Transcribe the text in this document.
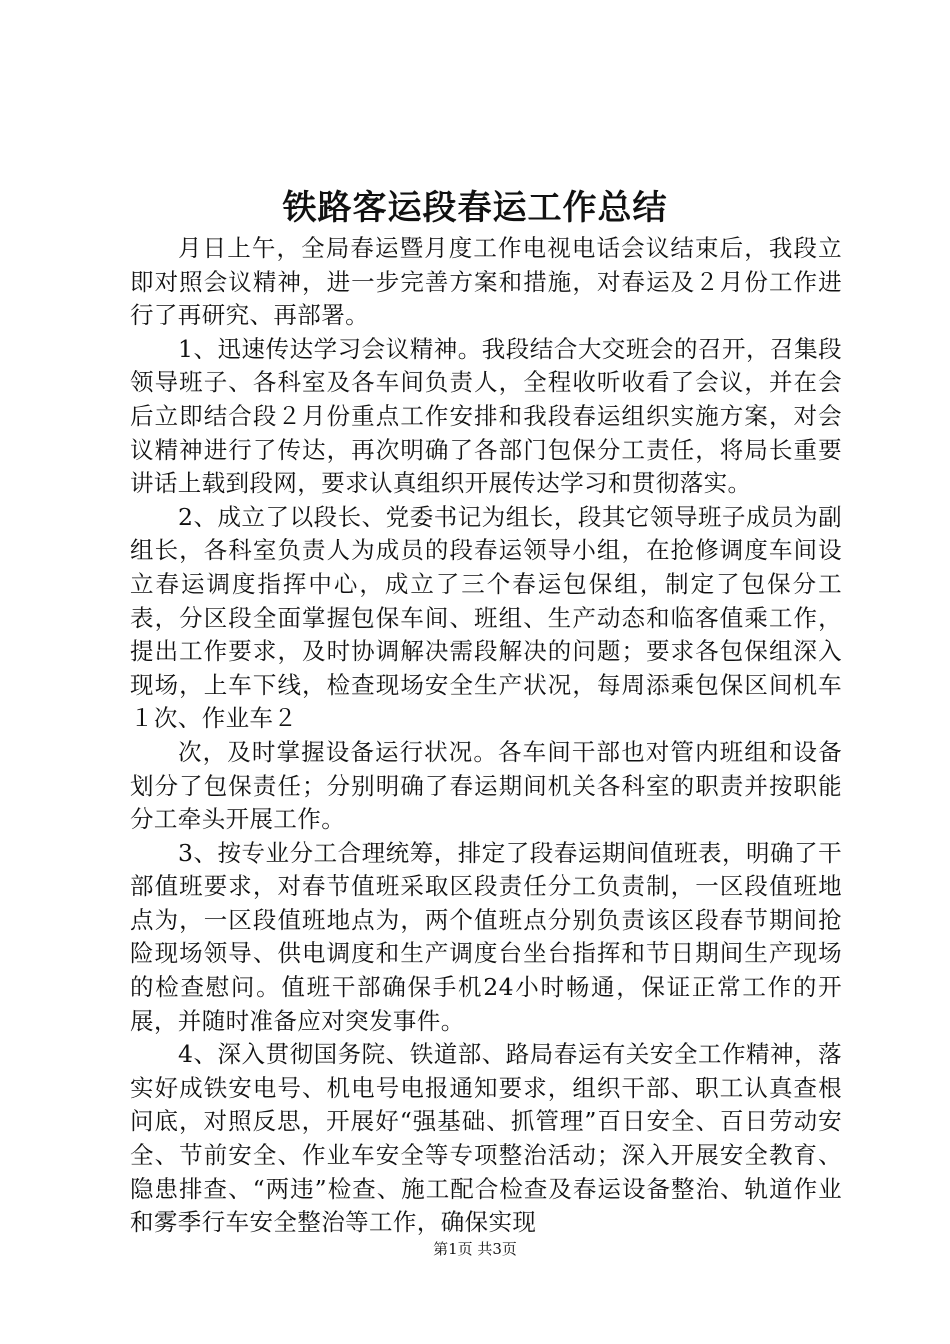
铁路客运段春运工作总结

月日上午，全局春运暨月度工作电视电话会议结束后，我段立即对照会议精神，进一步完善方案和措施，对春运及２月份工作进行了再研究、再部署。

1、迅速传达学习会议精神。我段结合大交班会的召开，召集段领导班子、各科室及各车间负责人，全程收听收看了会议，并在会后立即结合段２月份重点工作安排和我段春运组织实施方案，对会议精神进行了传达，再次明确了各部门包保分工责任，将局长重要讲话上载到段网，要求认真组织开展传达学习和贯彻落实。

2、成立了以段长、党委书记为组长，段其它领导班子成员为副组长，各科室负责人为成员的段春运领导小组，在抢修调度车间设立春运调度指挥中心，成立了三个春运包保组，制定了包保分工表，分区段全面掌握包保车间、班组、生产动态和临客值乘工作，提出工作要求，及时协调解决需段解决的问题；要求各包保组深入现场，上车下线，检查现场安全生产状况，每周添乘包保区间机车１次、作业车２

次，及时掌握设备运行状况。各车间干部也对管内班组和设备划分了包保责任；分别明确了春运期间机关各科室的职责并按职能分工牵头开展工作。

3、按专业分工合理统筹，排定了段春运期间值班表，明确了干部值班要求，对春节值班采取区段责任分工负责制，一区段值班地点为，一区段值班地点为，两个值班点分别负责该区段春节期间抢险现场领导、供电调度和生产调度台坐台指挥和节日期间生产现场的检查慰问。值班干部确保手机24小时畅通，保证正常工作的开展，并随时准备应对突发事件。

4、深入贯彻国务院、铁道部、路局春运有关安全工作精神，落实好成铁安电号、机电号电报通知要求，组织干部、职工认真查根问底，对照反思，开展好“强基础、抓管理”百日安全、百日劳动安全、节前安全、作业车安全等专项整治活动；深入开展安全教育、隐患排查、“两违”检查、施工配合检查及春运设备整治、轨道作业和雾季行车安全整治等工作，确保实现

第1页 共3页
